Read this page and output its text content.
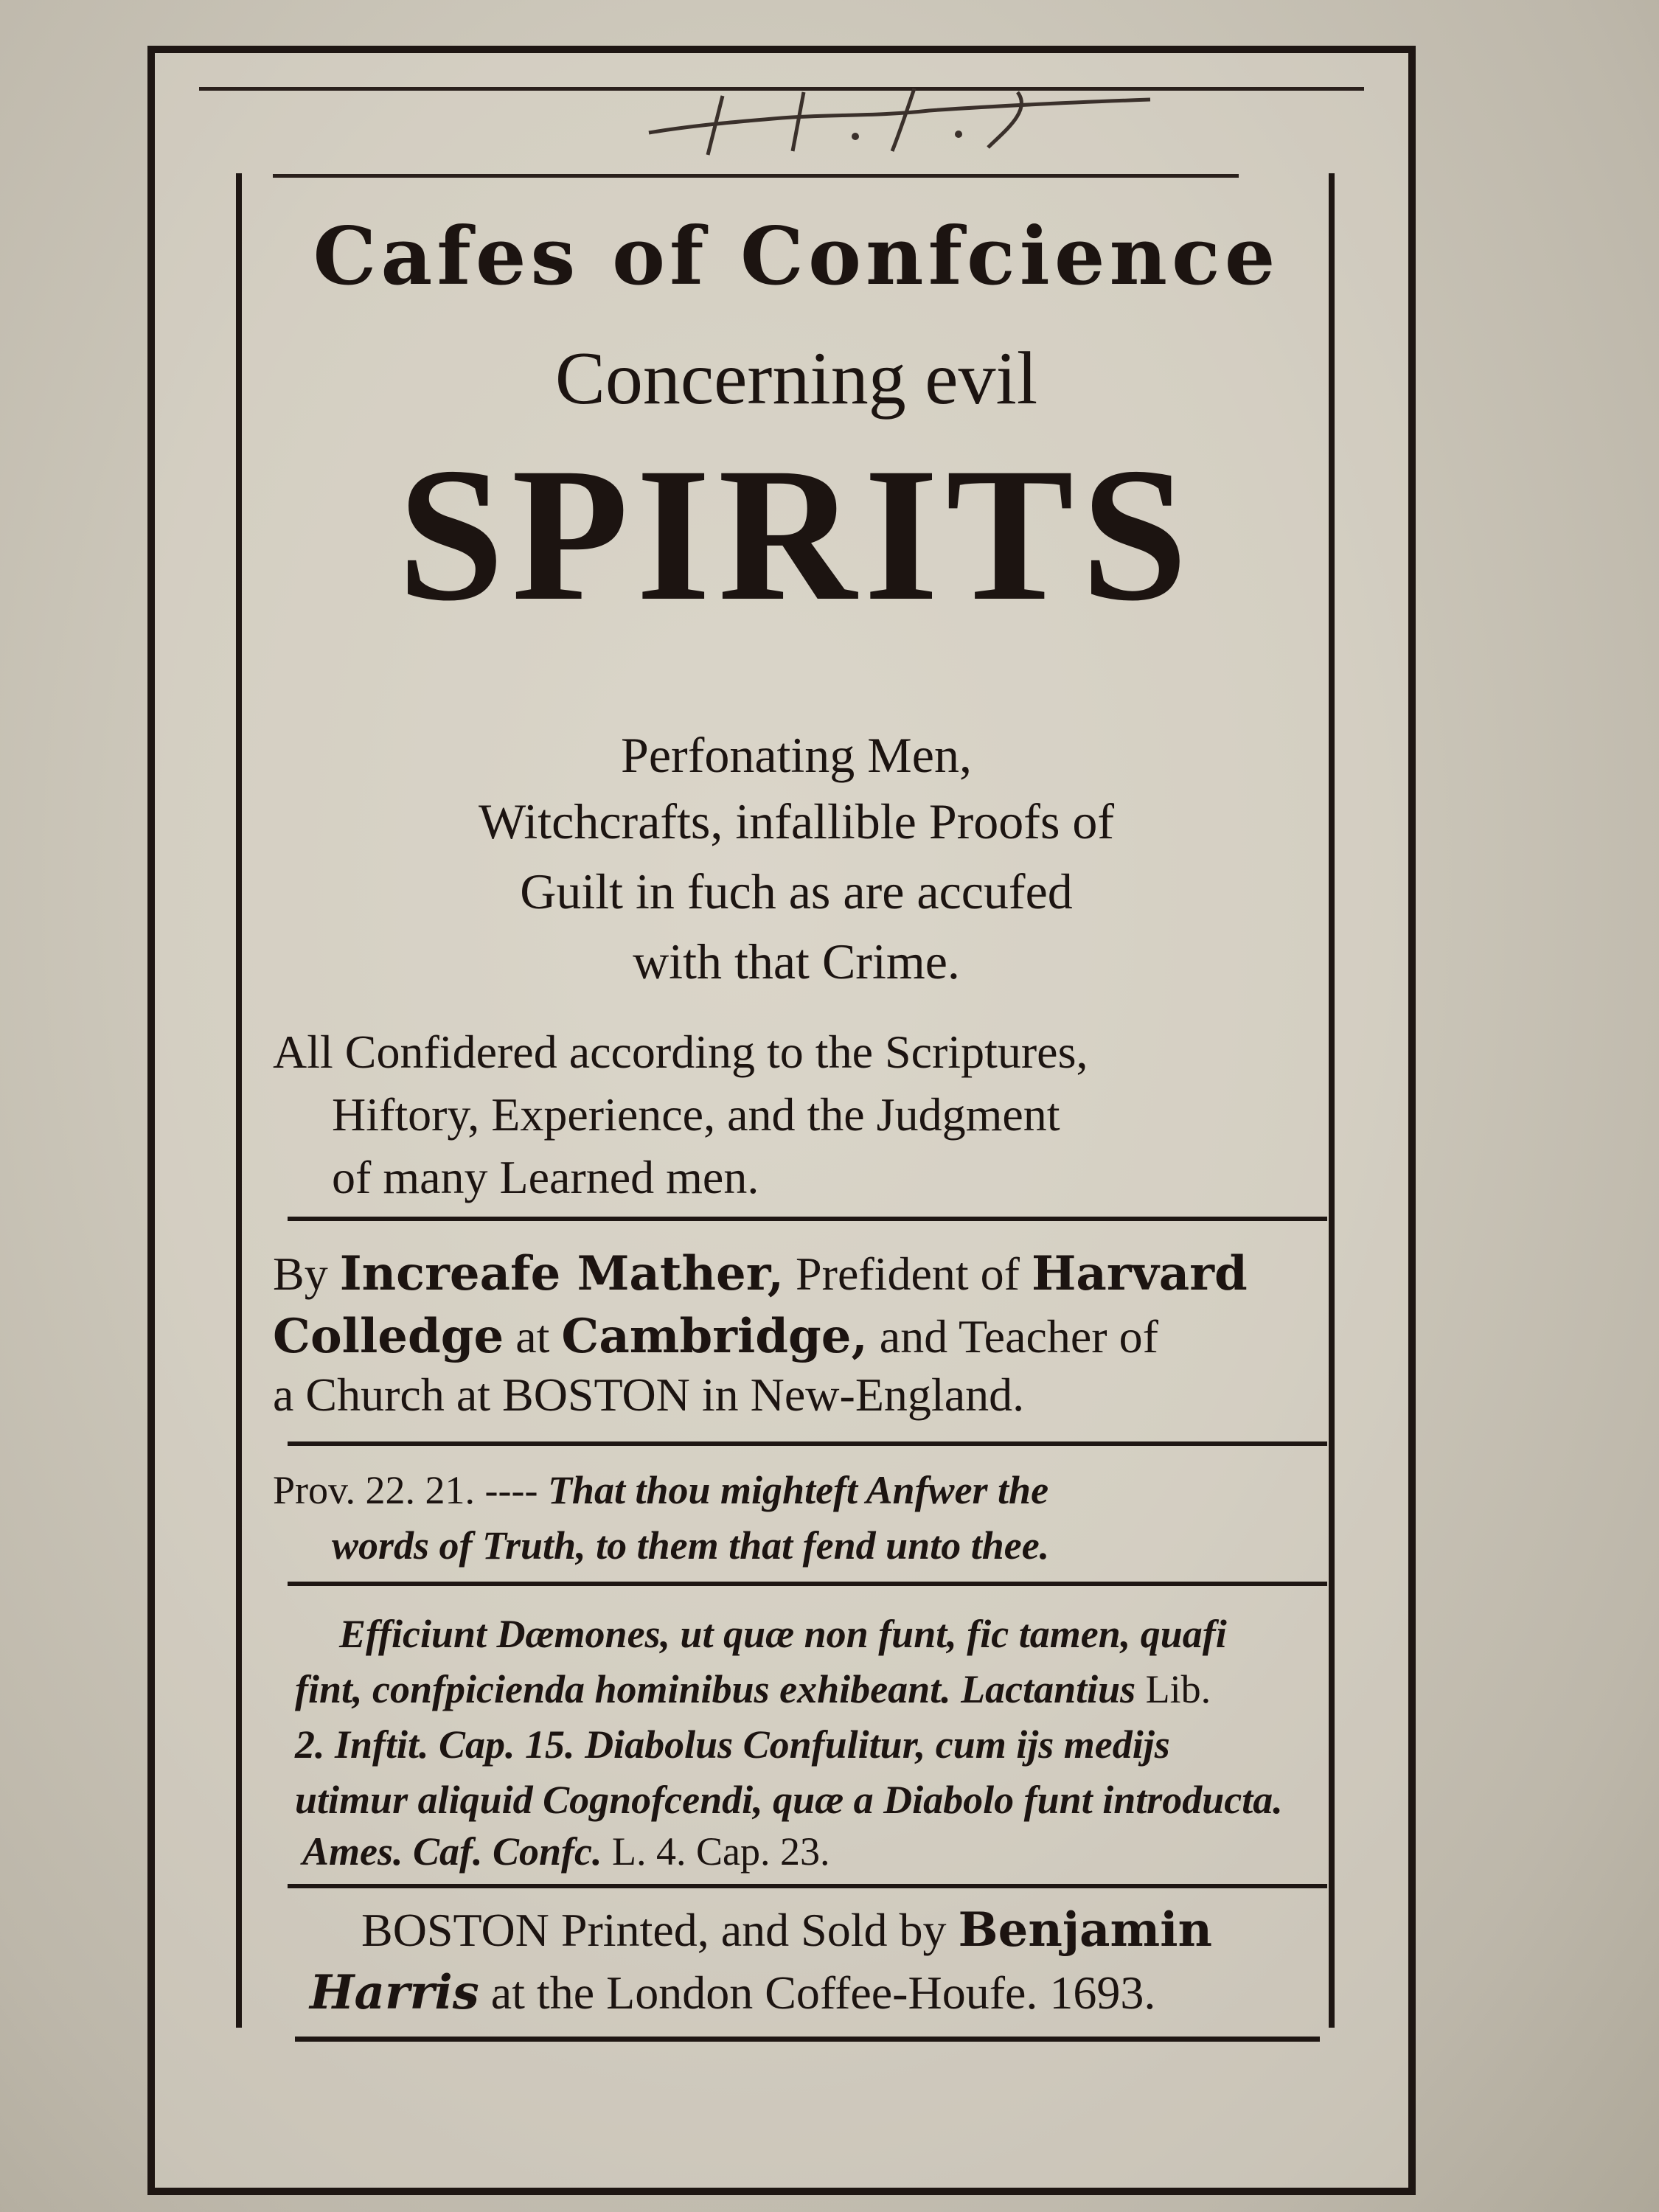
Cafes of Confcience
Concerning evil
SPIRITS
Perfonating Men,
Witchcrafts, infallible Proofs of
Guilt in fuch as are accufed
with that Crime.
All Confidered according to the Scriptures,
Hiftory, Experience, and the Judgment
of many Learned men.
By Increafe Mather, Prefident of Harvard
Colledge at Cambridge, and Teacher of
a Church at BOSTON in New-England.
Prov. 22. 21. ---- That thou mighteft Anfwer the
words of Truth, to them that fend unto thee.
Efficiunt Dæmones, ut quæ non funt, fic tamen, quafi
fint, confpicienda hominibus exhibeant. Lactantius Lib.
2. Inftit. Cap. 15. Diabolus Confulitur, cum ijs medijs
utimur aliquid Cognofcendi, quæ a Diabolo funt introducta.
Ames. Caf. Confc. L. 4. Cap. 23.
BOSTON Printed, and Sold by Benjamin
Harris at the London Coffee-Houfe. 1693.
